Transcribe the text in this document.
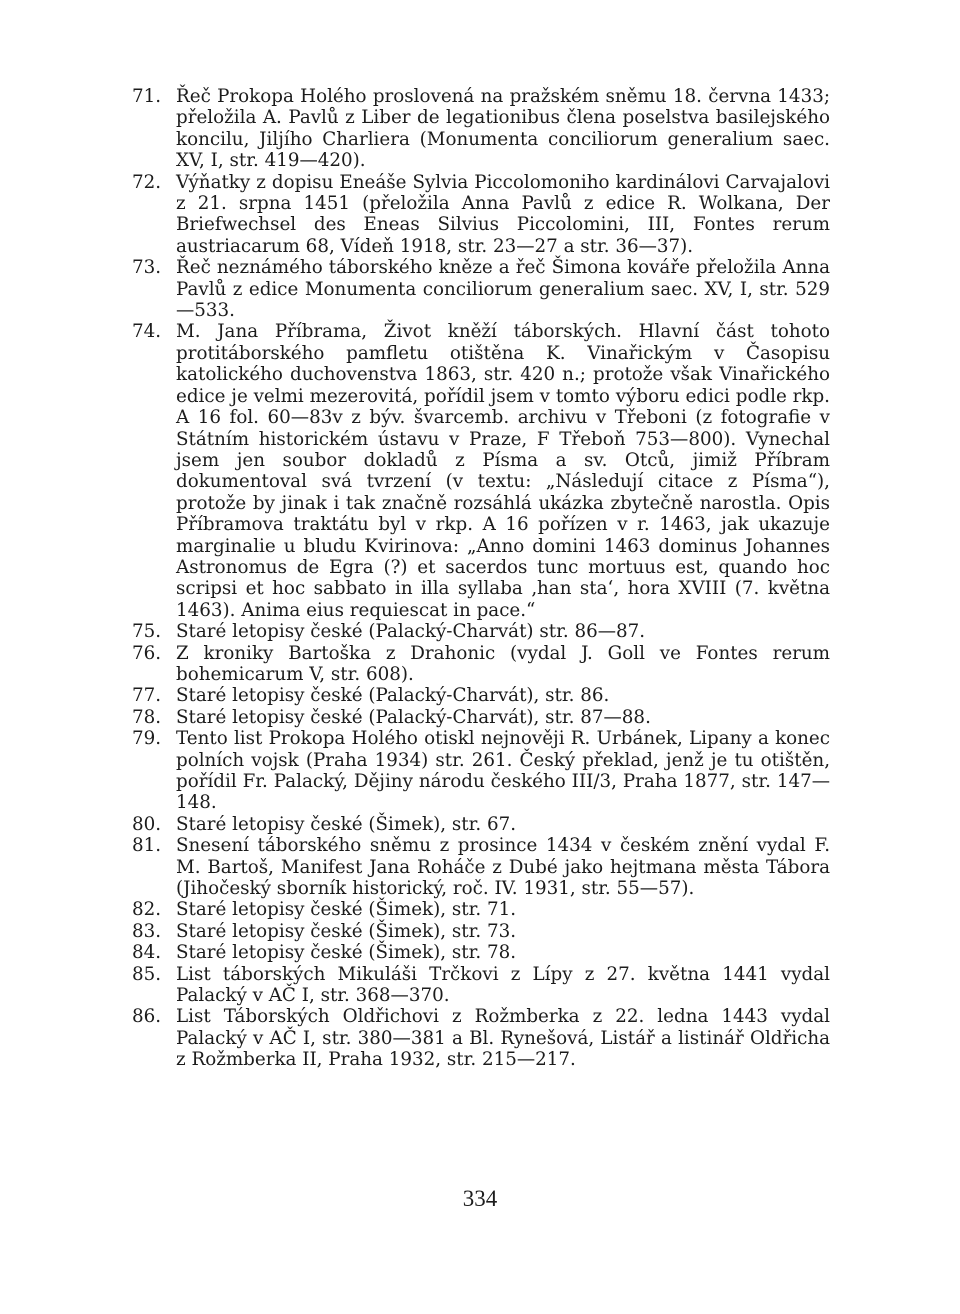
71. Řeč Prokopa Holého proslovená na pražském sněmu 18. června 1433; přeložila A. Pavlů z Liber de legationibus člena poselstva basilejského koncilu, Jiljího Charliera (Monumenta conciliorum generalium saec. XV, I, str. 419—420).
72. Výňatky z dopisu Eneáše Sylvia Piccolomoniho kardinálovi Carvajalovi z 21. srpna 1451 (přeložila Anna Pavlů z edice R. Wolkana, Der Briefwechsel des Eneas Silvius Piccolomini, III, Fontes rerum austriacarum 68, Vídeň 1918, str. 23—27 a str. 36—37).
73. Řeč neznámého táborského kněze a řeč Šimona kováře přeložila Anna Pavlů z edice Monumenta conciliorum generalium saec. XV, I, str. 529—533.
74. M. Jana Příbrama, Život kněží táborských. Hlavní část tohoto protitáborského pamfletu otištěna K. Vinařickým v Časopisu katolického duchovenstva 1863, str. 420 n.; protože však Vinařického edice je velmi mezerovitá, pořídil jsem v tomto výboru edici podle rkp. A 16 fol. 60—83v z býv. švarcemb. archivu v Třeboni (z fotografie v Státním historickém ústavu v Praze, F Třeboň 753—800). Vynechal jsem jen soubor dokladů z Písma a sv. Otců, jimiž Příbram dokumentoval svá tvrzení (v textu: „Následují citace z Písma“), protože by jinak i tak značně rozsáhlá ukázka zbytečně narostla. Opis Příbramova traktátu byl v rkp. A 16 pořízen v r. 1463, jak ukazuje marginalie u bludu Kvirinova: „Anno domini 1463 dominus Johannes Astronomus de Egra (?) et sacerdos tunc mortuus est, quando hoc scripsi et hoc sabbato in illa syllaba ‚han sta‘, hora XVIII (7. května 1463). Anima eius requiescat in pace.“
75. Staré letopisy české (Palacký-Charvát) str. 86—87.
76. Z kroniky Bartoška z Drahonic (vydal J. Goll ve Fontes rerum bohemicarum V, str. 608).
77. Staré letopisy české (Palacký-Charvát), str. 86.
78. Staré letopisy české (Palacký-Charvát), str. 87—88.
79. Tento list Prokopa Holého otiskl nejnověji R. Urbánek, Lipany a konec polních vojsk (Praha 1934) str. 261. Český překlad, jenž je tu otištěn, pořídil Fr. Palacký, Dějiny národu českého III/3, Praha 1877, str. 147—148.
80. Staré letopisy české (Šimek), str. 67.
81. Snesení táborského sněmu z prosince 1434 v českém znění vydal F. M. Bartoš, Manifest Jana Roháče z Dubé jako hejtmana města Tábora (Jihočeský sborník historický, roč. IV. 1931, str. 55—57).
82. Staré letopisy české (Šimek), str. 71.
83. Staré letopisy české (Šimek), str. 73.
84. Staré letopisy české (Šimek), str. 78.
85. List táborských Mikuláši Trčkovi z Lípy z 27. května 1441 vydal Palacký v AČ I, str. 368—370.
86. List Táborských Oldřichovi z Rožmberka z 22. ledna 1443 vydal Palacký v AČ I, str. 380—381 a Bl. Rynešová, Listář a listinář Oldřicha z Rožmberka II, Praha 1932, str. 215—217.
334
